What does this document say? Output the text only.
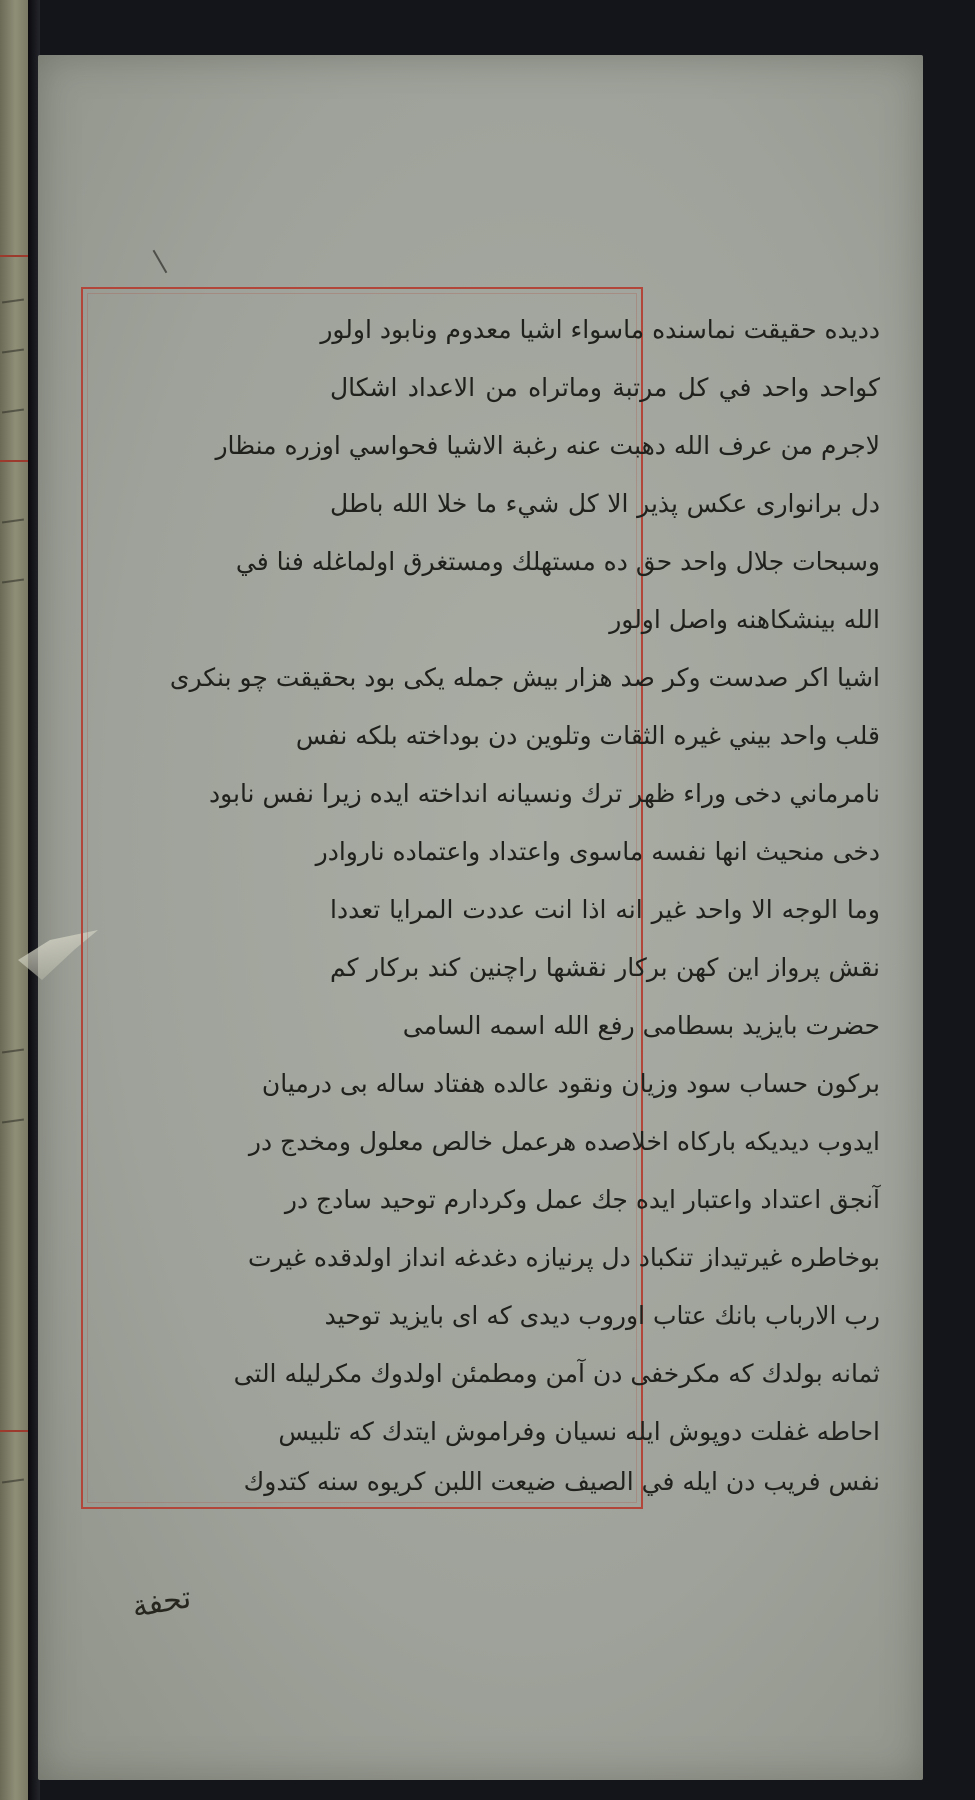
دديده حقيقت نماسنده ماسواء اشيا معدوم ونابود اولور
كواحد واحد في كل مرتبة وماتراه من الاعداد اشكال
لاجرم من عرف الله دهبت عنه رغبة الاشيا فحواسي اوزره منظار
دل برانواری عكس پذير الا كل شيء ما خلا الله باطل
وسبحات جلال واحد حق ده مستهلك ومستغرق اولماغله فنا في
الله بينشكاهنه واصل اولور
اشيا اكر صدست وكر صد هزار بيش جمله يكی بود بحقيقت چو بنكری
قلب واحد بيني غيره الثقات وتلوين دن بوداخته بلكه نفس
نامرماني دخی وراء ظهر ترك ونسيانه انداخته ايده زيرا نفس نابود
دخی منحيث انها نفسه ماسوی واعتداد واعتماده ناروادر
وما الوجه الا واحد غير انه اذا انت عددت المرايا تعددا
نقش پرواز اين كهن بركار نقشها راچنين كند بركار كم
حضرت بايزيد بسطامی رفع الله اسمه السامی
بركون حساب سود وزيان ونقود عالده هفتاد ساله بی درميان
ايدوب ديديكه باركاه اخلاصده هرعمل خالص معلول ومخدج در
آنجق اعتداد واعتبار ايده جك عمل وكردارم توحيد سادج در
بوخاطره غيرتيداز تنكباد دل پرنيازه دغدغه انداز اولدقده غيرت
رب الارباب بانك عتاب اوروب ديدی كه ای بايزيد توحيد
ثمانه بولدك كه مكرخفی دن آمن ومطمئن اولدوك مكرليله التی
احاطه غفلت دوپوش ايله نسيان وفراموش ايتدك كه تلبيس
نفس فريب دن ايله في الصيف ضيعت اللبن كريوه سنه كتدوك
تحفة
